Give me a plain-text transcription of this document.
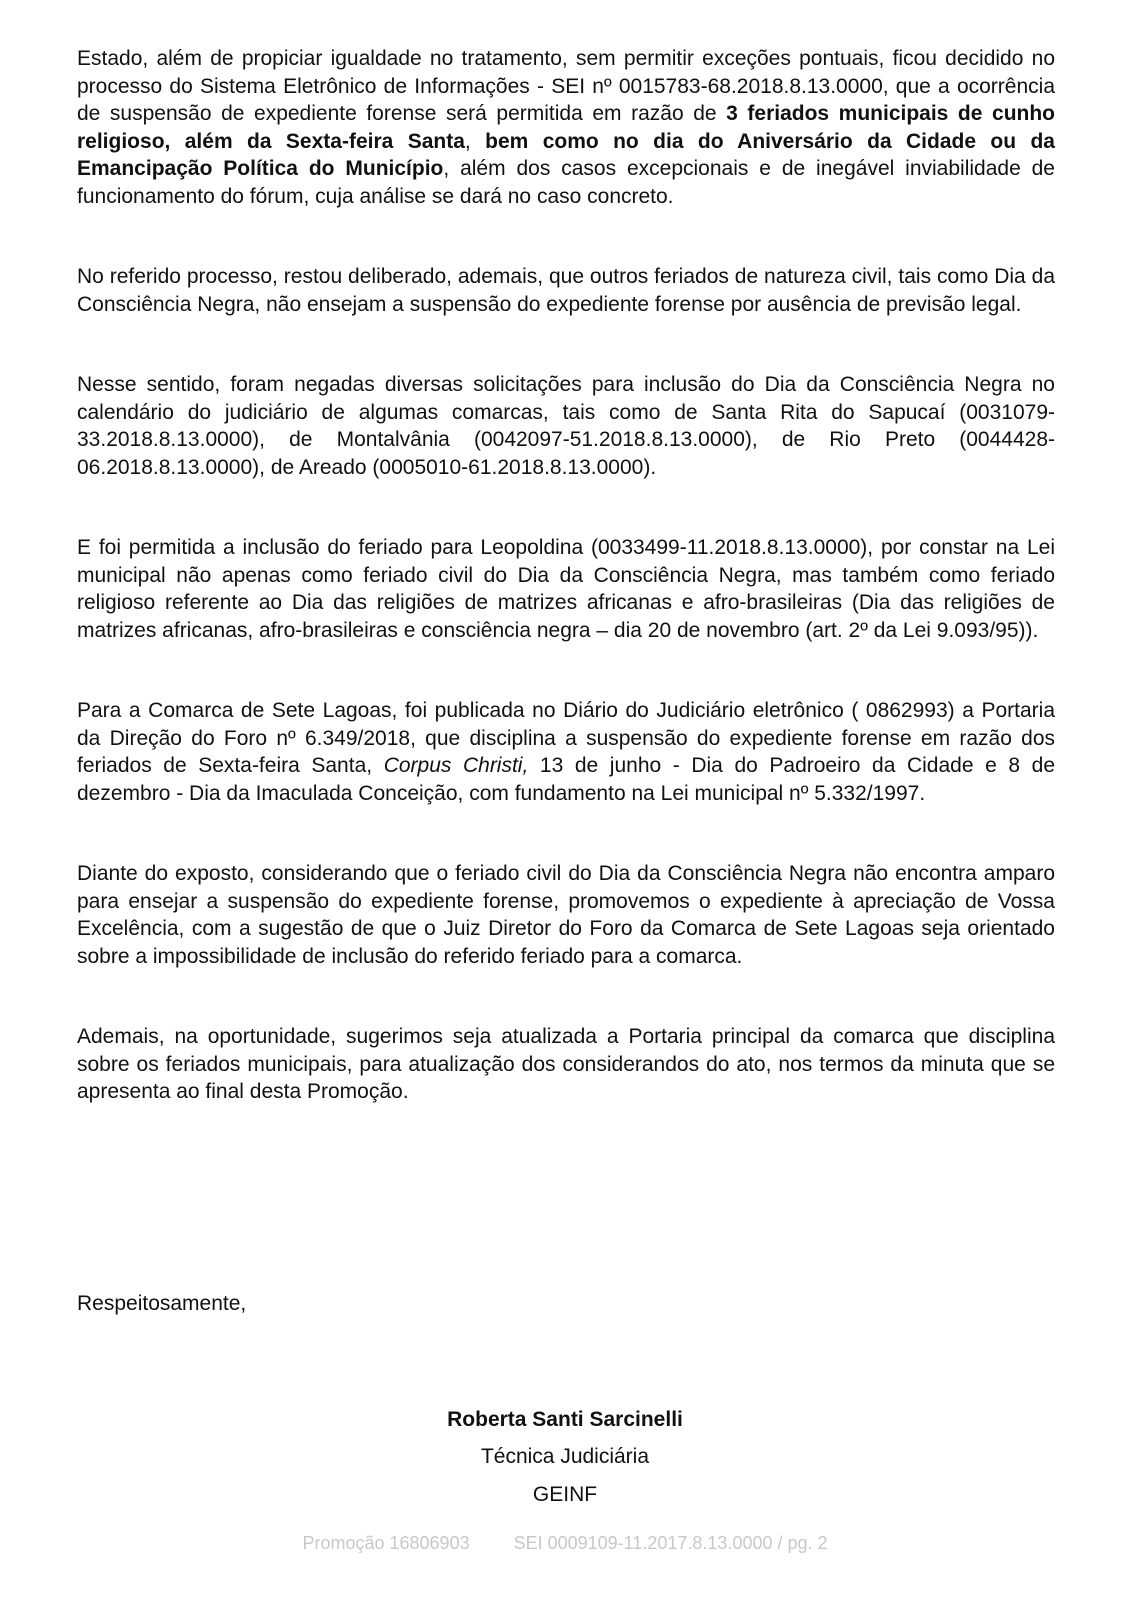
Estado, além de propiciar igualdade no tratamento, sem permitir exceções pontuais, ficou decidido no processo do Sistema Eletrônico de Informações - SEI nº 0015783-68.2018.8.13.0000, que a ocorrência de suspensão de expediente forense será permitida em razão de 3 feriados municipais de cunho religioso, além da Sexta-feira Santa, bem como no dia do Aniversário da Cidade ou da Emancipação Política do Município, além dos casos excepcionais e de inegável inviabilidade de funcionamento do fórum, cuja análise se dará no caso concreto.

No referido processo, restou deliberado, ademais, que outros feriados de natureza civil, tais como Dia da Consciência Negra, não ensejam a suspensão do expediente forense por ausência de previsão legal.

Nesse sentido, foram negadas diversas solicitações para inclusão do Dia da Consciência Negra no calendário do judiciário de algumas comarcas, tais como de Santa Rita do Sapucaí (0031079-33.2018.8.13.0000), de Montalvânia (0042097-51.2018.8.13.0000), de Rio Preto (0044428-06.2018.8.13.0000), de Areado (0005010-61.2018.8.13.0000).

E foi permitida a inclusão do feriado para Leopoldina (0033499-11.2018.8.13.0000), por constar na Lei municipal não apenas como feriado civil do Dia da Consciência Negra, mas também como feriado religioso referente ao Dia das religiões de matrizes africanas e afro-brasileiras (Dia das religiões de matrizes africanas, afro-brasileiras e consciência negra – dia 20 de novembro (art. 2º da Lei 9.093/95)).

Para a Comarca de Sete Lagoas, foi publicada no Diário do Judiciário eletrônico ( 0862993) a Portaria da Direção do Foro nº 6.349/2018, que disciplina a suspensão do expediente forense em razão dos feriados de Sexta-feira Santa, Corpus Christi, 13 de junho - Dia do Padroeiro da Cidade e 8 de dezembro - Dia da Imaculada Conceição, com fundamento na Lei municipal nº 5.332/1997.

Diante do exposto, considerando que o feriado civil do Dia da Consciência Negra não encontra amparo para ensejar a suspensão do expediente forense, promovemos o expediente à apreciação de Vossa Excelência, com a sugestão de que o Juiz Diretor do Foro da Comarca de Sete Lagoas seja orientado sobre a impossibilidade de inclusão do referido feriado para a comarca.

Ademais, na oportunidade, sugerimos seja atualizada a Portaria principal da comarca que disciplina sobre os feriados municipais, para atualização dos considerandos do ato, nos termos da minuta que se apresenta ao final desta Promoção.

Respeitosamente,

Roberta Santi Sarcinelli
Técnica Judiciária
GEINF
Promoção 16806903 SEI 0009109-11.2017.8.13.0000 / pg. 2
